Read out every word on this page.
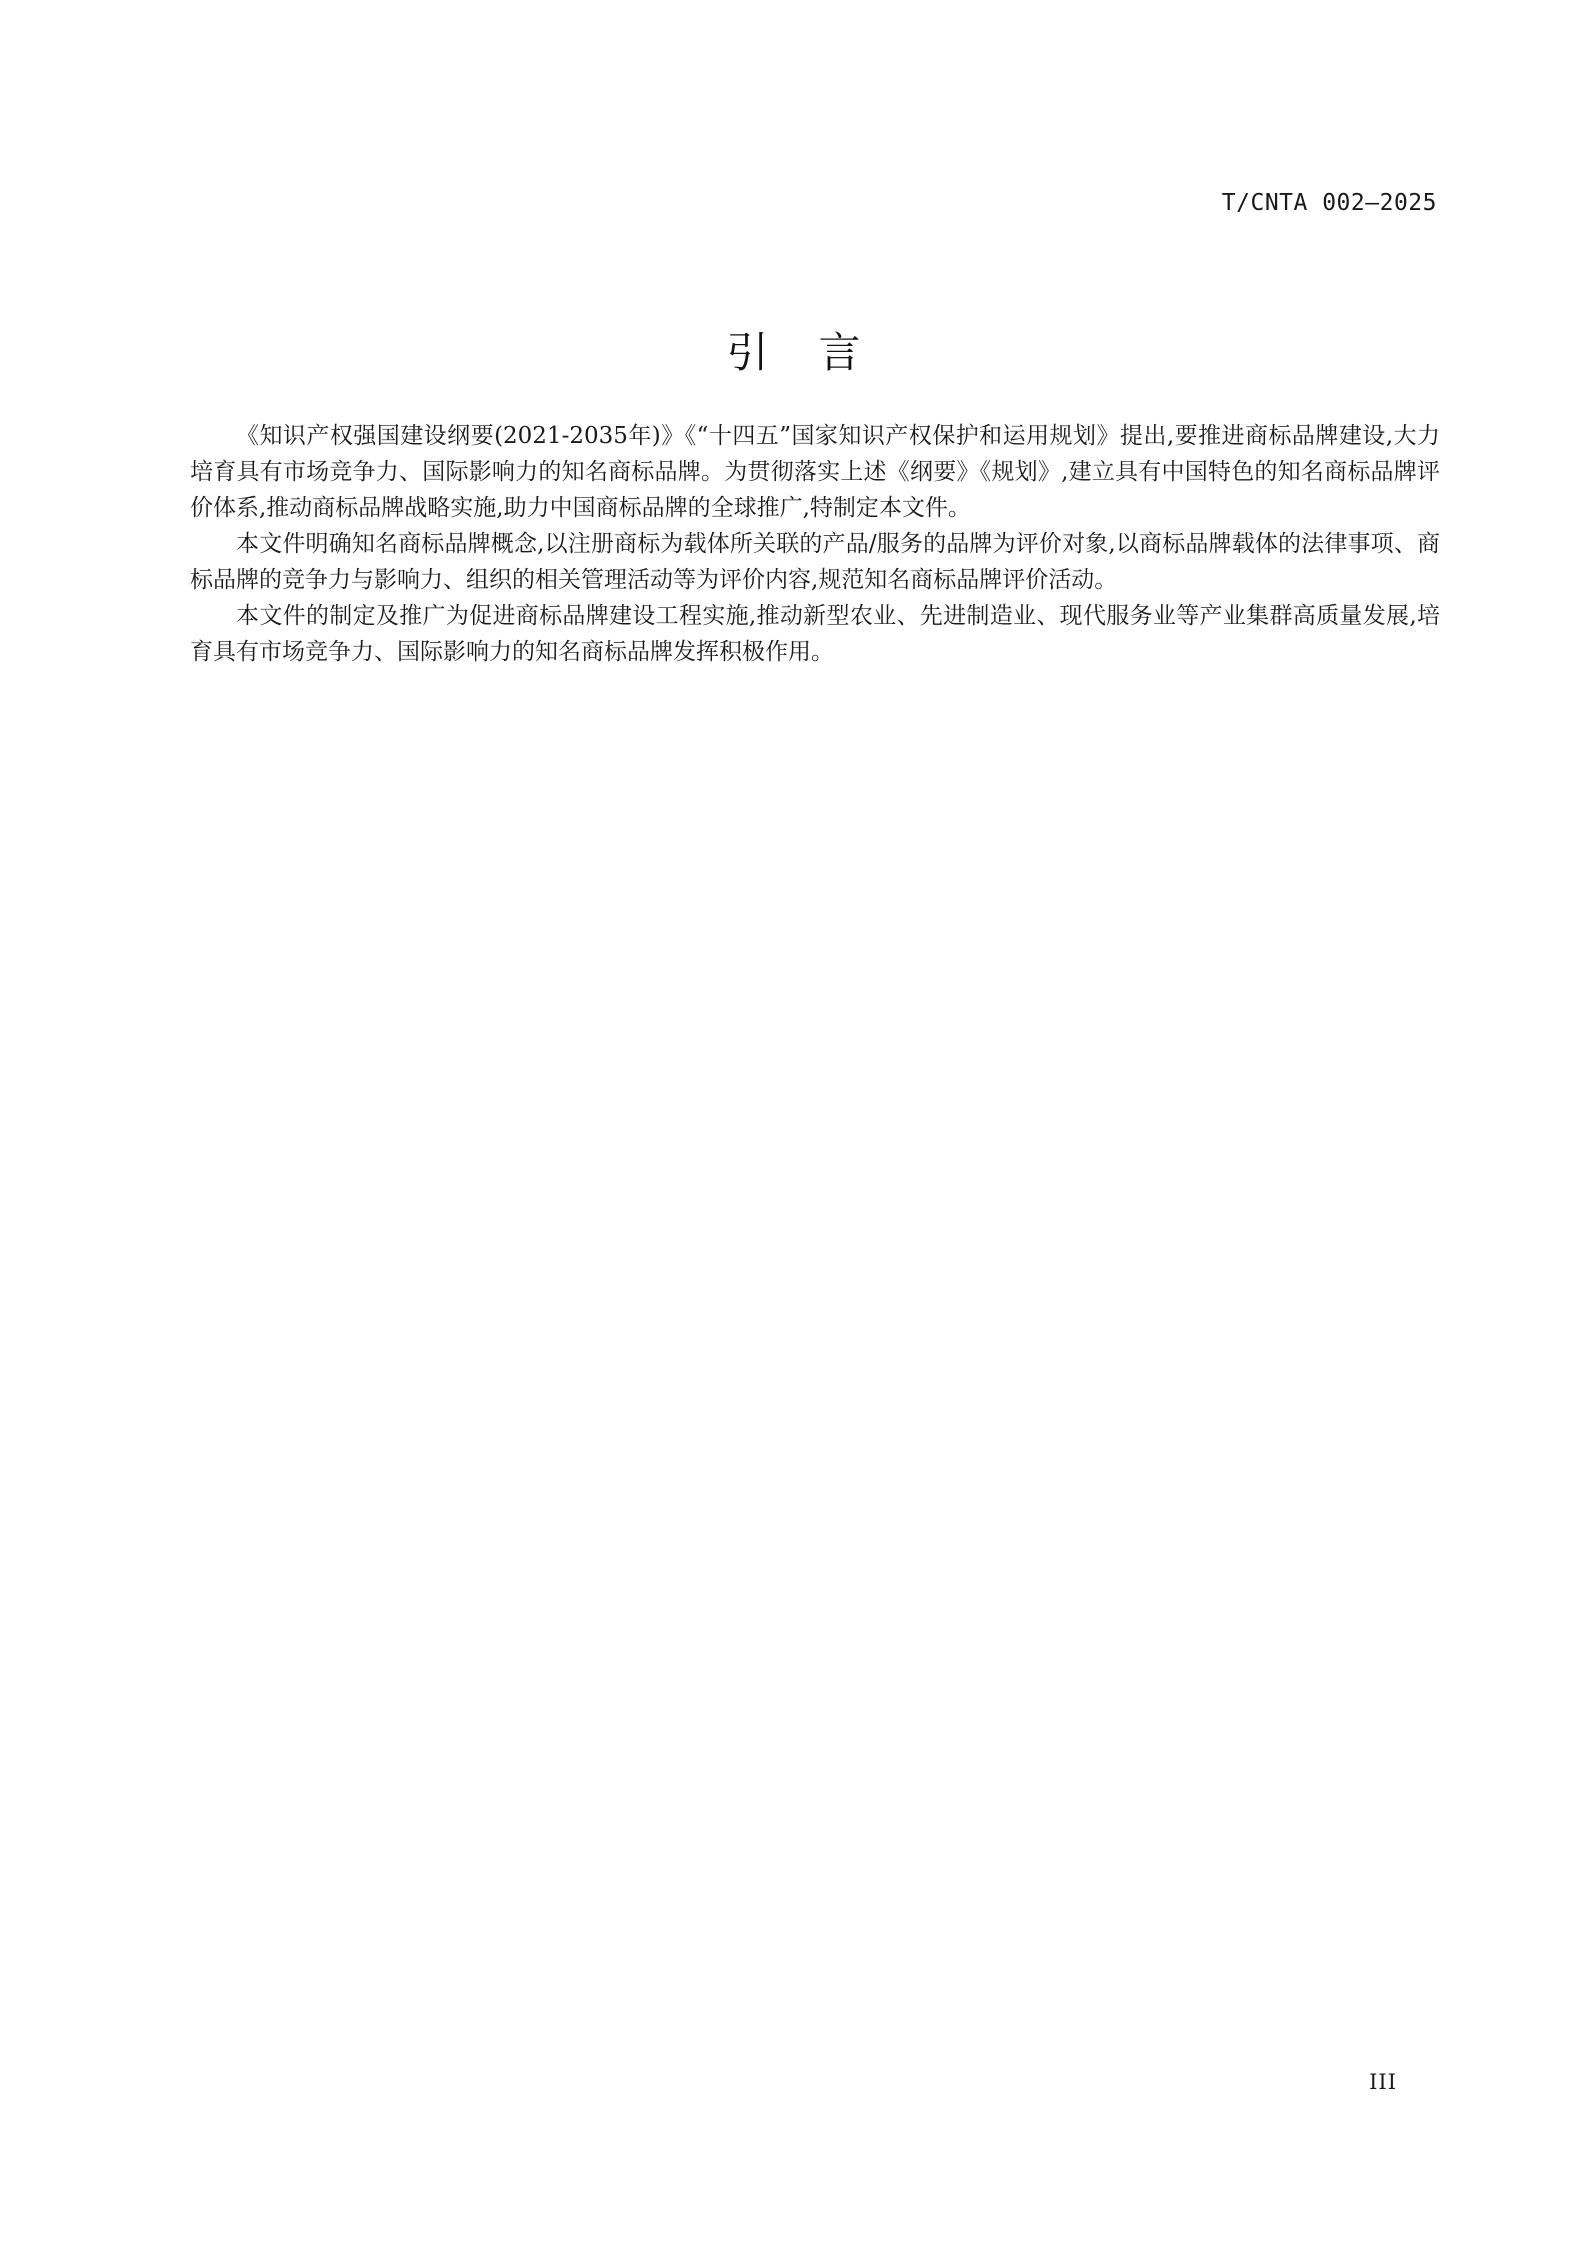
T/CNTA 002—2025
引言

《知识产权强国建设纲要(2021-2035年)》《“十四五”国家知识产权保护和运用规划》提出,要推进商标品牌建设,大力培育具有市场竞争力、国际影响力的知名商标品牌。为贯彻落实上述《纲要》《规划》,建立具有中国特色的知名商标品牌评价体系,推动商标品牌战略实施,助力中国商标品牌的全球推广,特制定本文件。

本文件明确知名商标品牌概念,以注册商标为载体所关联的产品/服务的品牌为评价对象,以商标品牌载体的法律事项、商标品牌的竞争力与影响力、组织的相关管理活动等为评价内容,规范知名商标品牌评价活动。

本文件的制定及推广为促进商标品牌建设工程实施,推动新型农业、先进制造业、现代服务业等产业集群高质量发展,培育具有市场竞争力、国际影响力的知名商标品牌发挥积极作用。

III
